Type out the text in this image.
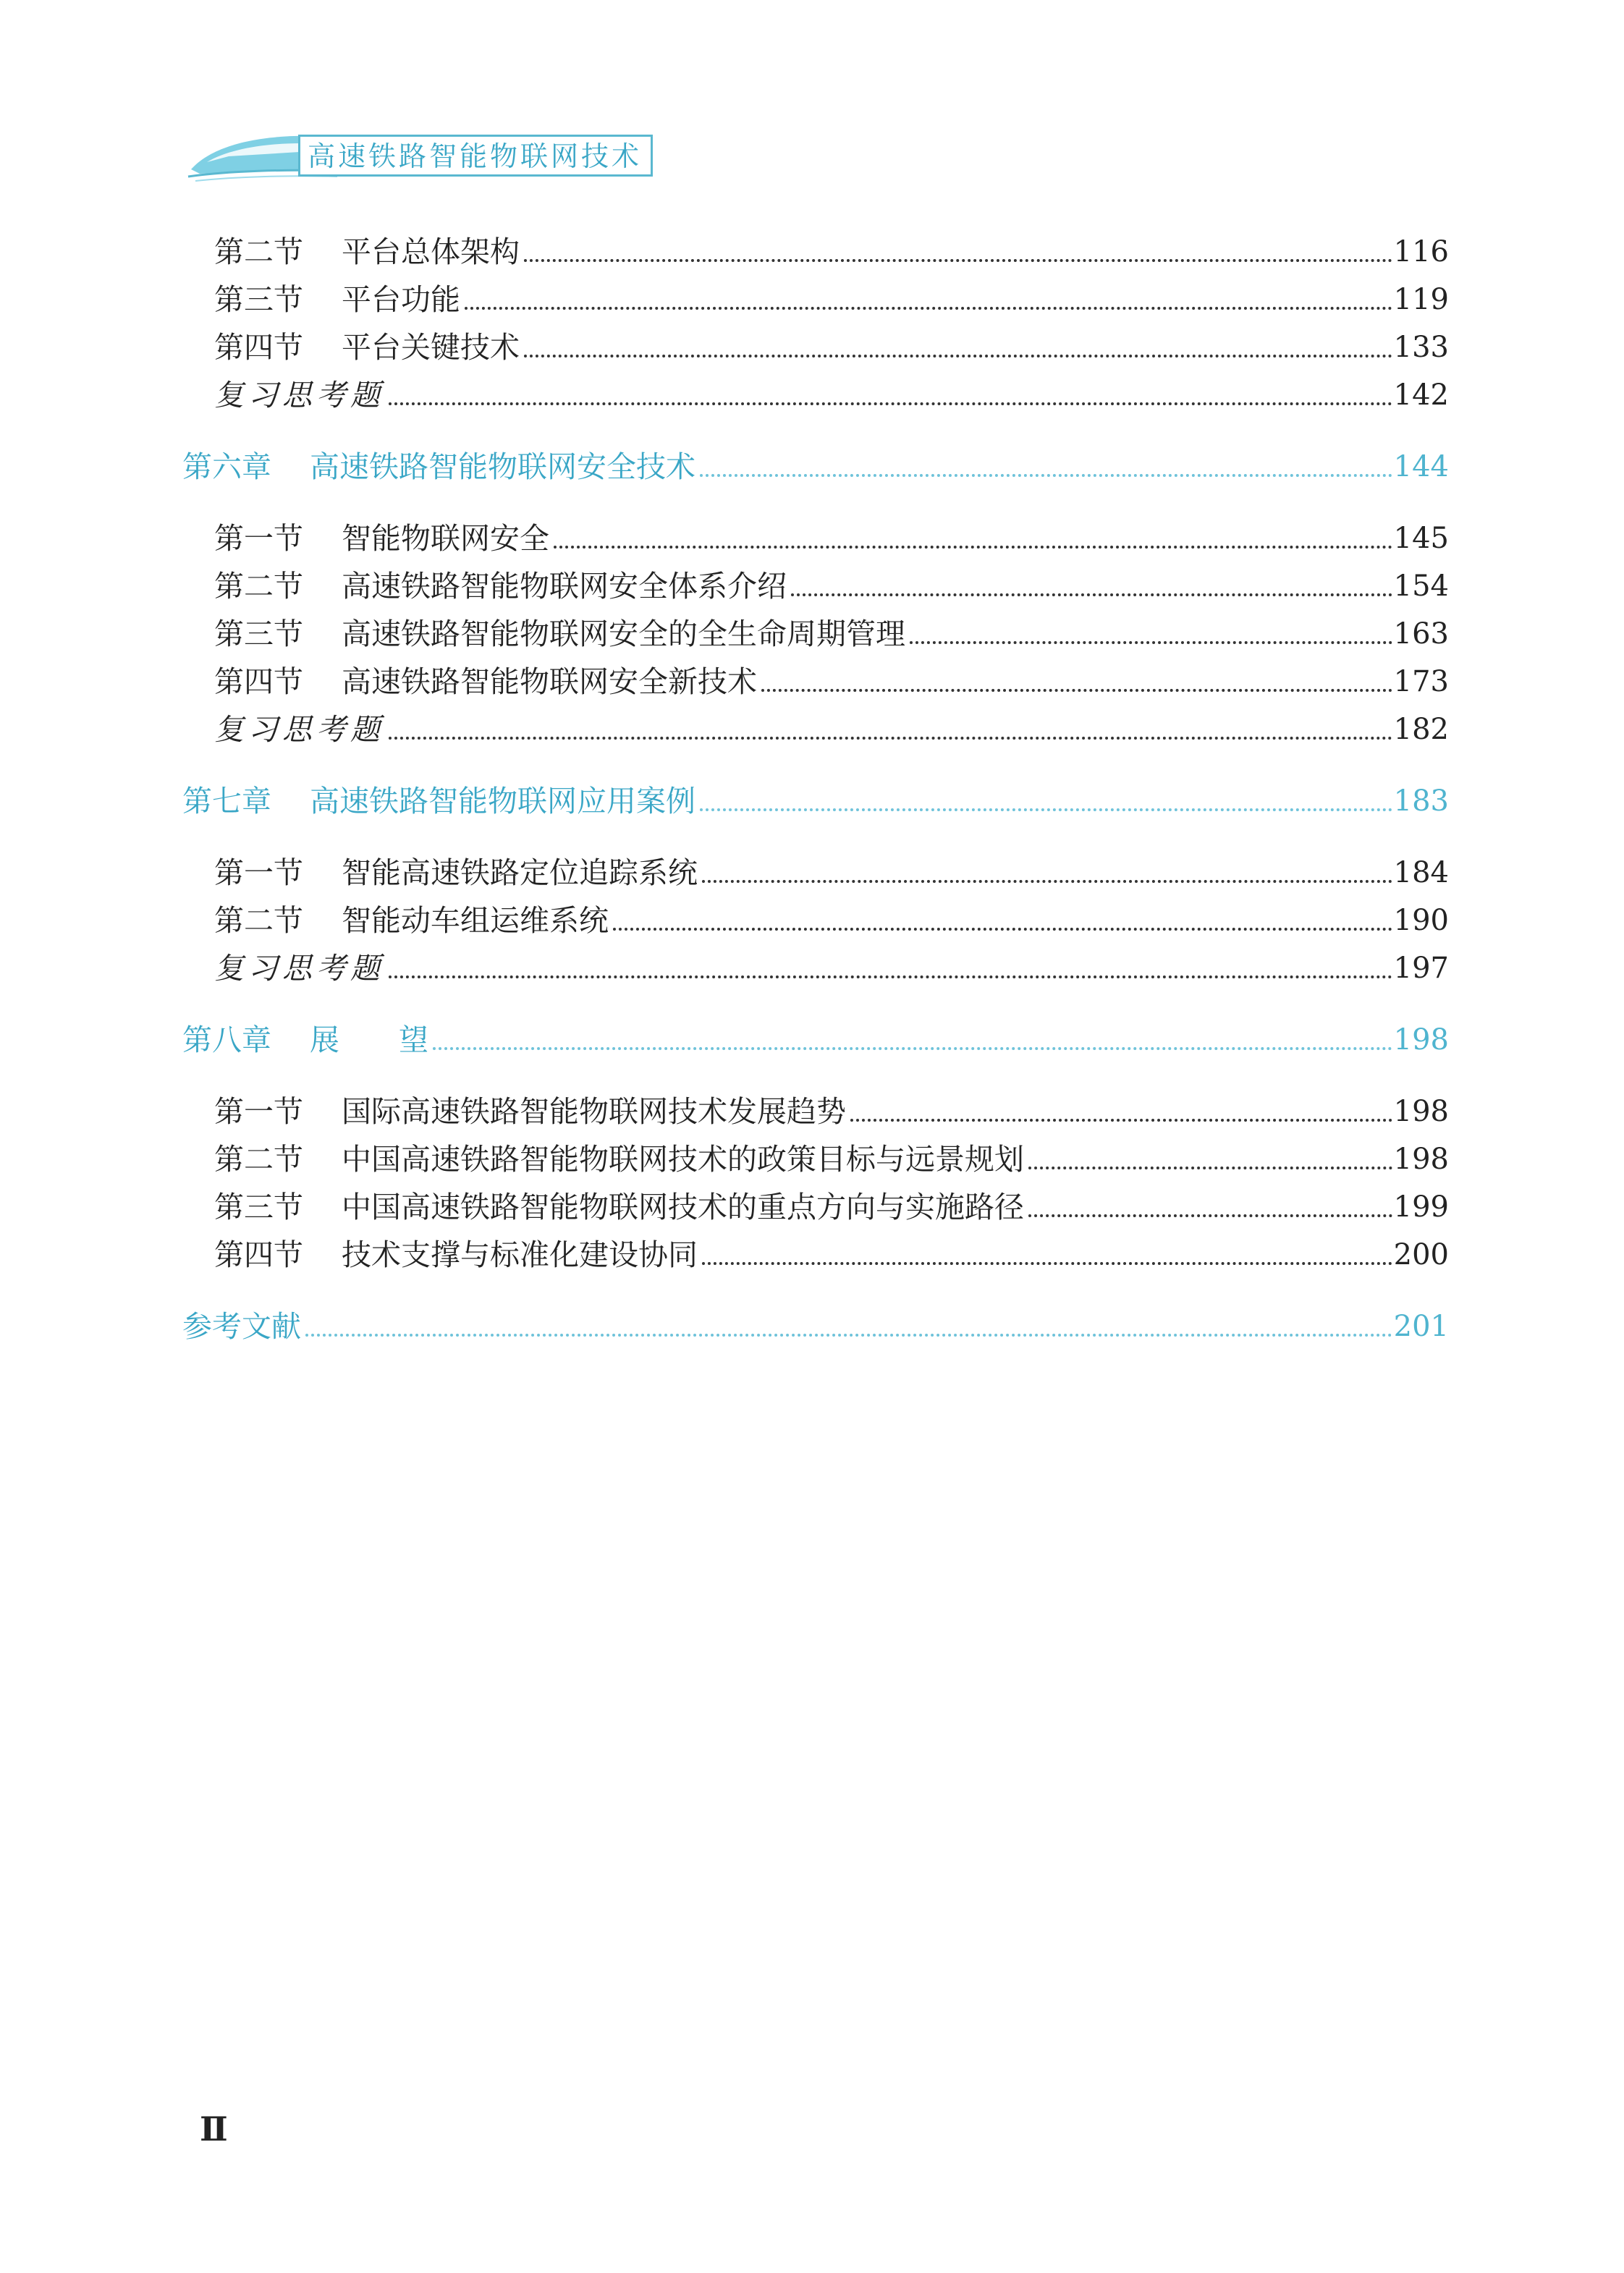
高速铁路智能物联网技术
第二节 平台总体架构	116
第三节 平台功能	119
第四节 平台关键技术	133
复习思考题	142
第六章 高速铁路智能物联网安全技术	144
第一节 智能物联网安全	145
第二节 高速铁路智能物联网安全体系介绍	154
第三节 高速铁路智能物联网安全的全生命周期管理	163
第四节 高速铁路智能物联网安全新技术	173
复习思考题	182
第七章 高速铁路智能物联网应用案例	183
第一节 智能高速铁路定位追踪系统	184
第二节 智能动车组运维系统	190
复习思考题	197
第八章 展　　望	198
第一节 国际高速铁路智能物联网技术发展趋势	198
第二节 中国高速铁路智能物联网技术的政策目标与远景规划	198
第三节 中国高速铁路智能物联网技术的重点方向与实施路径	199
第四节 技术支撑与标准化建设协同	200
参考文献	201
Ⅱ
